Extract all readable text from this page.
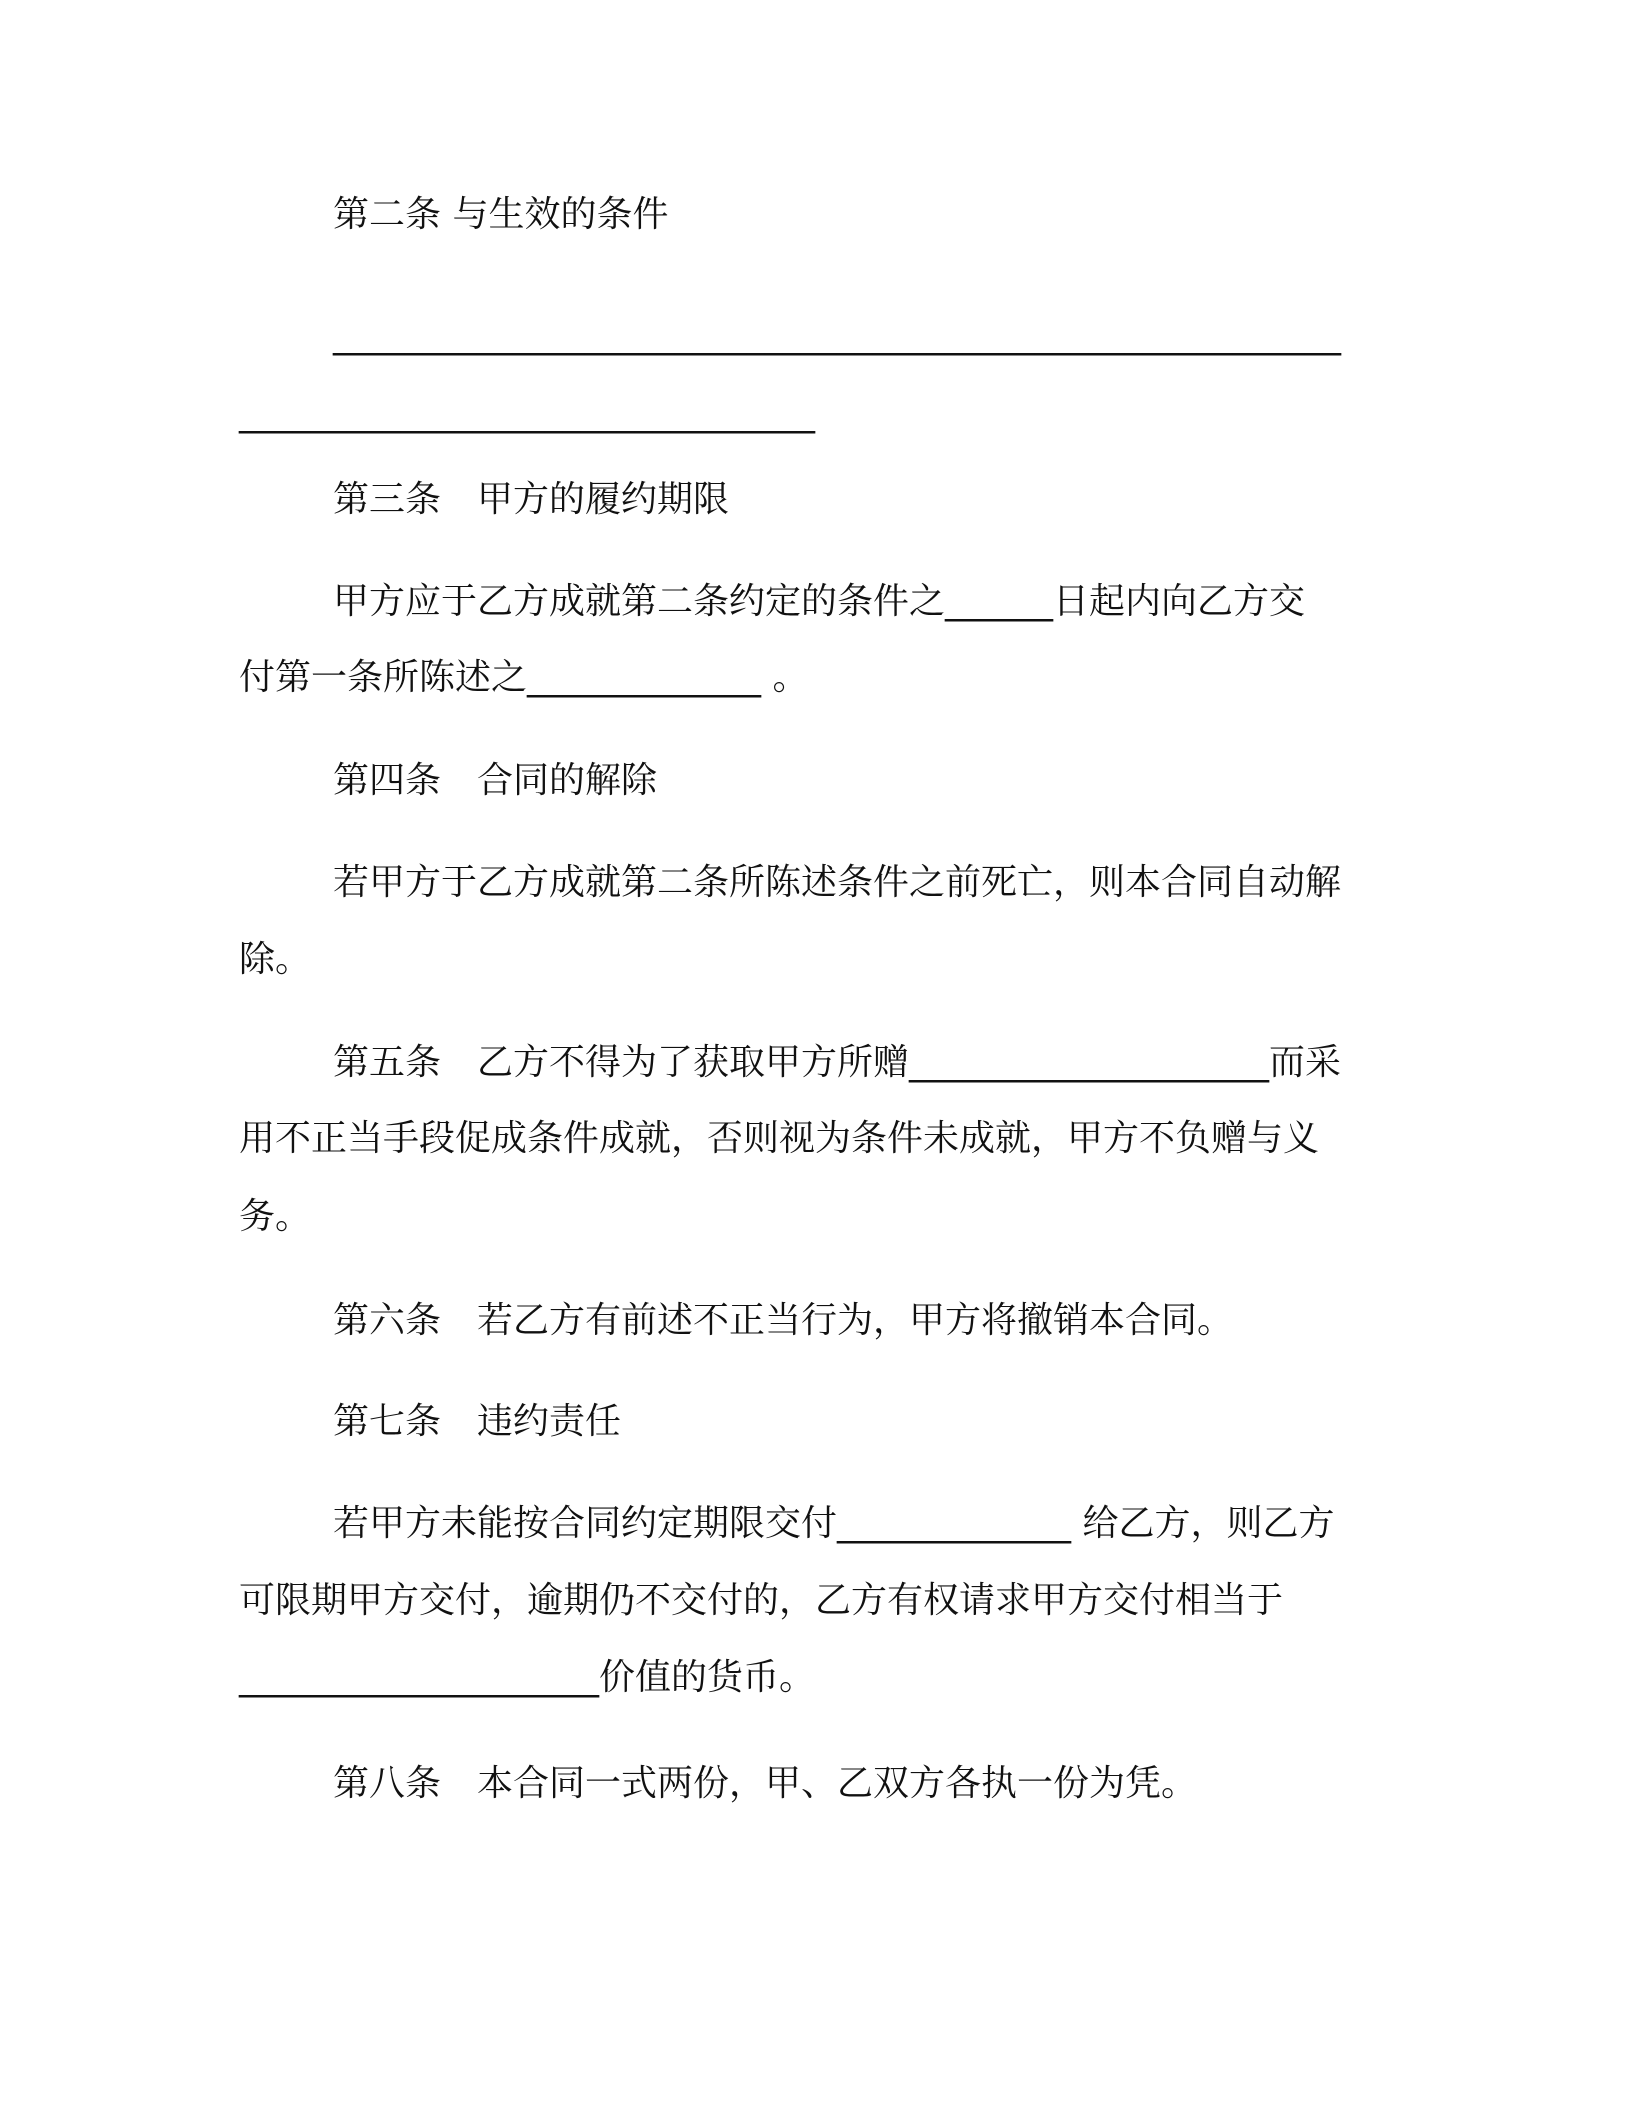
第二条 与生效的条件

________________________________________________________

________________________________

第三条　甲方的履约期限

甲方应于乙方成就第二条约定的条件之______日起内向乙方交

付第一条所陈述之_____________ 。

第四条　合同的解除

若甲方于乙方成就第二条所陈述条件之前死亡，则本合同自动解

除。

第五条　乙方不得为了获取甲方所赠____________________而采

用不正当手段促成条件成就，否则视为条件未成就，甲方不负赠与义

务。

第六条　若乙方有前述不正当行为，甲方将撤销本合同。

第七条　违约责任

若甲方未能按合同约定期限交付_____________ 给乙方，则乙方

可限期甲方交付，逾期仍不交付的，乙方有权请求甲方交付相当于

____________________价值的货币。

第八条　本合同一式两份，甲、乙双方各执一份为凭。
